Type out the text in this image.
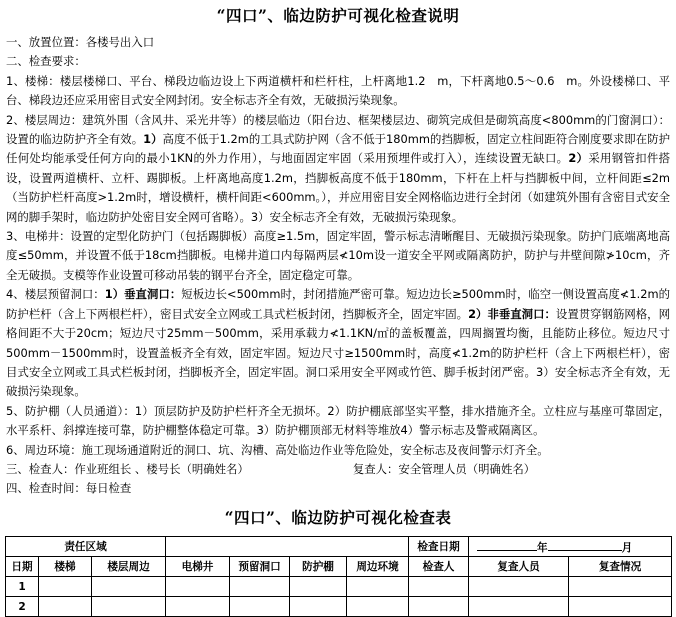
“四口”、临边防护可视化检查说明

一、放置位置：各楼号出入口

二、检查要求：

1、楼梯：楼层楼梯口、平台、梯段边临边设上下两道横杆和栏杆柱，上杆离地1.2　m，下杆离地0.5～0.6　m。外设楼梯口、平台、梯段边还应采用密目式安全网封闭。安全标志齐全有效，无破损污染现象。

2、楼层周边：建筑外围（含风井、采光井等）的楼层临边（阳台边、框架楼层边、砌筑完成但是砌筑高度<800mm的门窗洞口）：设置的临边防护齐全有效。1）高度不低于1.2m的工具式防护网（含不低于180mm的挡脚板，固定立柱间距符合刚度要求即在防护任何处均能承受任何方向的最小1KN的外力作用），与地面固定牢固（采用预埋件或打入），连续设置无缺口。2）采用钢管扣件搭设，设置两道横杆、立杆、踢脚板。上杆离地高度1.2m，挡脚板高度不低于180mm，下杆在上杆与挡脚板中间，立杆间距≤2m（当防护栏杆高度>1.2m时，增设横杆，横杆间距<600mm。），并应用密目安全网格临边进行全封闭（如建筑外围有含密目式安全网的脚手架时，临边防护处密目安全网可省略）。3）安全标志齐全有效，无破损污染现象。

3、电梯井：设置的定型化防护门（包括踢脚板）高度≥1.5m，固定牢固，警示标志清晰醒目、无破损污染现象。防护门底端离地高度≤50mm，并设置不低于18cm挡脚板。电梯井道口内每隔两层≮10m设一道安全平网或隔离防护，防护与井壁间隙≯10cm，齐全无破损。支模等作业设置可移动吊装的钢平台齐全，固定稳定可靠。

4、楼层预留洞口：1）垂直洞口：短板边长<500mm时，封闭措施严密可靠。短边边长≥500mm时，临空一侧设置高度≮1.2m的防护栏杆（含上下两根栏杆），密目式安全立网或工具式栏板封闭，挡脚板齐全，固定牢固。2）非垂直洞口：设置贯穿钢筋网格，网格间距不大于20cm；短边尺寸25mm－500mm，采用承载力≮1.1KN/㎡的盖板覆盖，四周搁置均衡，且能防止移位。短边尺寸500mm－1500mm时，设置盖板齐全有效，固定牢固。短边尺寸≥1500mm时，高度≮1.2m的防护栏杆（含上下两根栏杆），密目式安全立网或工具式栏板封闭，挡脚板齐全，固定牢固。洞口采用安全平网或竹笆、脚手板封闭严密。3）安全标志齐全有效，无破损污染现象。

5、防护棚（人员通道）：1）顶层防护及防护栏杆齐全无损坏。2）防护棚底部坚实平整，排水措施齐全。立柱应与基座可靠固定，水平系杆、斜撑连接可靠，防护棚整体稳定可靠。3）防护棚顶部无材料等堆放4）警示标志及警戒隔离区。

6、周边环境：施工现场通道附近的洞口、坑、沟槽、高处临边作业等危险处，安全标志及夜间警示灯齐全。

三、检查人：作业班组长 、楼号长（明确姓名）	复查人：安全管理人员（明确姓名）

四、检查时间：每日检查

“四口”、临边防护可视化检查表
责任区域							检查日期	年 月	
日期	楼梯	楼层周边	电梯井	预留洞口	防护棚	周边环境	检查人	复查人员	复查情况
1									
2									
